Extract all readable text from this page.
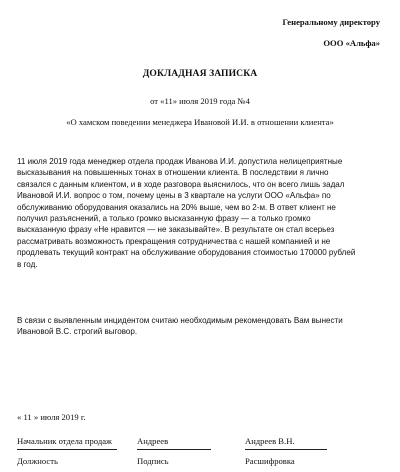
Генеральному директору
ООО «Альфа»
ДОКЛАДНАЯ ЗАПИСКА
от «11» июля 2019 года №4
«О хамском поведении менеджера Ивановой И.И. в отношении клиента»
11 июля 2019 года менеджер отдела продаж Иванова И.И. допустила нелицеприятные
высказывания на повышенных тонах в отношении клиента. В последствии я лично
связался с данным клиентом, и в ходе разговора выяснилось, что он всего лишь задал
Ивановой И.И. вопрос о том, почему цены в 3 квартале на услуги ООО «Альфа» по
обслуживанию оборудования оказались на 20% выше, чем во 2-м. В ответ клиент не
получил разъяснений, а только громко высказанную фразу — а только громко
высказанную фразу «Не нравится — не заказывайте». В результате он стал всерьез
рассматривать возможность прекращения сотрудничества с нашей компанией и не
продлевать текущий контракт на обслуживание оборудования стоимостью 170000 рублей
в год.
В связи с выявленным инцидентом считаю необходимым рекомендовать Вам вынести
Ивановой В.С. строгий выговор.
« 11 » июля 2019 г.
Начальник отдела продаж	Андреев	Андреев В.Н.
Должность	Подпись	Расшифровка
